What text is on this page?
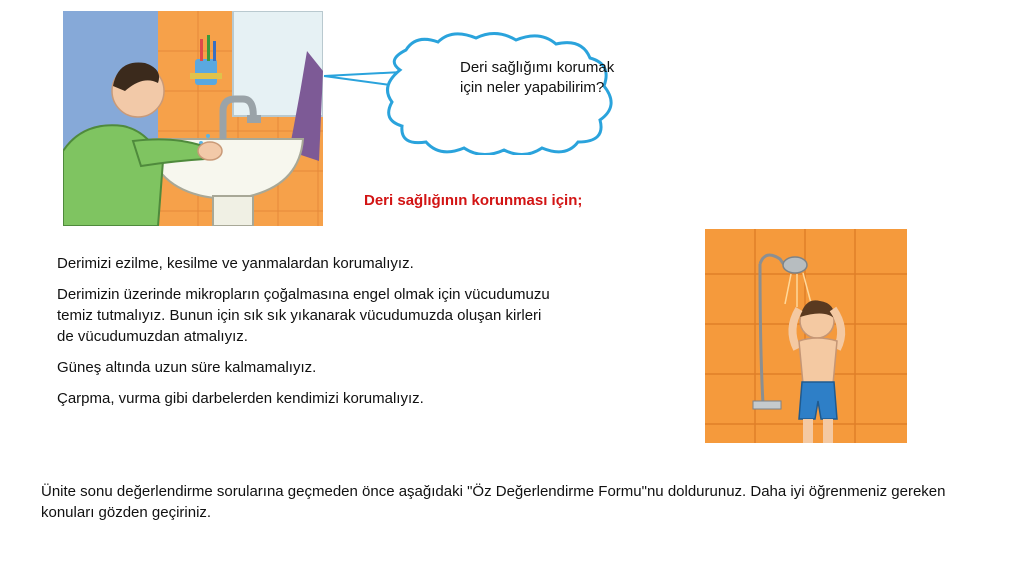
Deri sağlığımı korumak için neler yapabilirim?
Deri sağlığının korunması için;
Derimizi ezilme, kesilme ve yanmalardan korumalıyız.
Derimizin üzerinde mikropların çoğalmasına engel olmak için vücudumuzu temiz tutmalıyız. Bunun için sık sık yıkanarak vücudumuzda oluşan kirleri de vücudumuzdan atmalıyız.
Güneş altında uzun süre kalmamalıyız.
Çarpma, vurma gibi darbelerden kendimizi korumalıyız.
Ünite sonu değerlendirme sorularına geçmeden önce aşağıdaki "Öz Değerlendirme Formu"nu doldurunuz. Daha iyi öğrenmeniz gereken konuları gözden geçiriniz.
